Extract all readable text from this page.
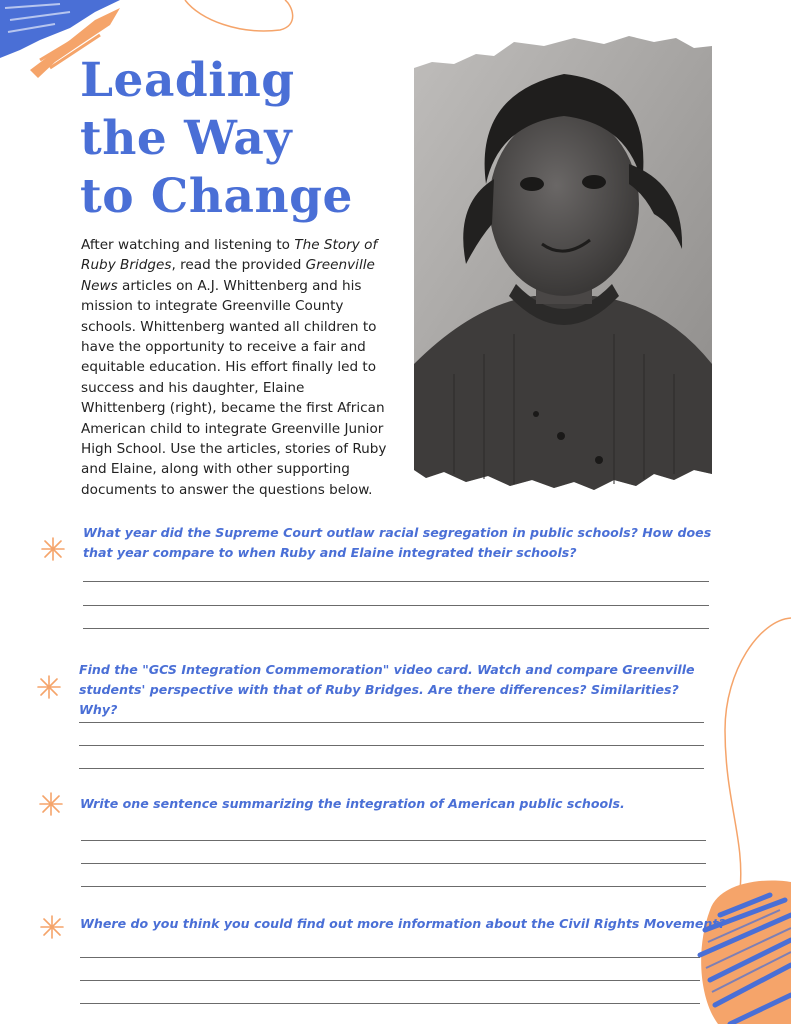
Leading
the Way
to Change

After watching and listening to The Story of Ruby Bridges, read the provided Greenville News articles on A.J. Whittenberg and his mission to integrate Greenville County schools. Whittenberg wanted all children to have the opportunity to receive a fair and equitable education. His effort finally led to success and his daughter, Elaine Whittenberg (right), became the first African American child to integrate Greenville Junior High School. Use the articles, stories of Ruby and Elaine, along with other supporting documents to answer the questions below.

What year did the Supreme Court outlaw racial segregation in public schools? How does that year compare to when Ruby and Elaine integrated their schools?

Find the "GCS Integration Commemoration" video card. Watch and compare Greenville students' perspective with that of Ruby Bridges. Are there differences? Similarities? Why?

Write one sentence summarizing the integration of American public schools.

Where do you think you could find out more information about the Civil Rights Movement?
